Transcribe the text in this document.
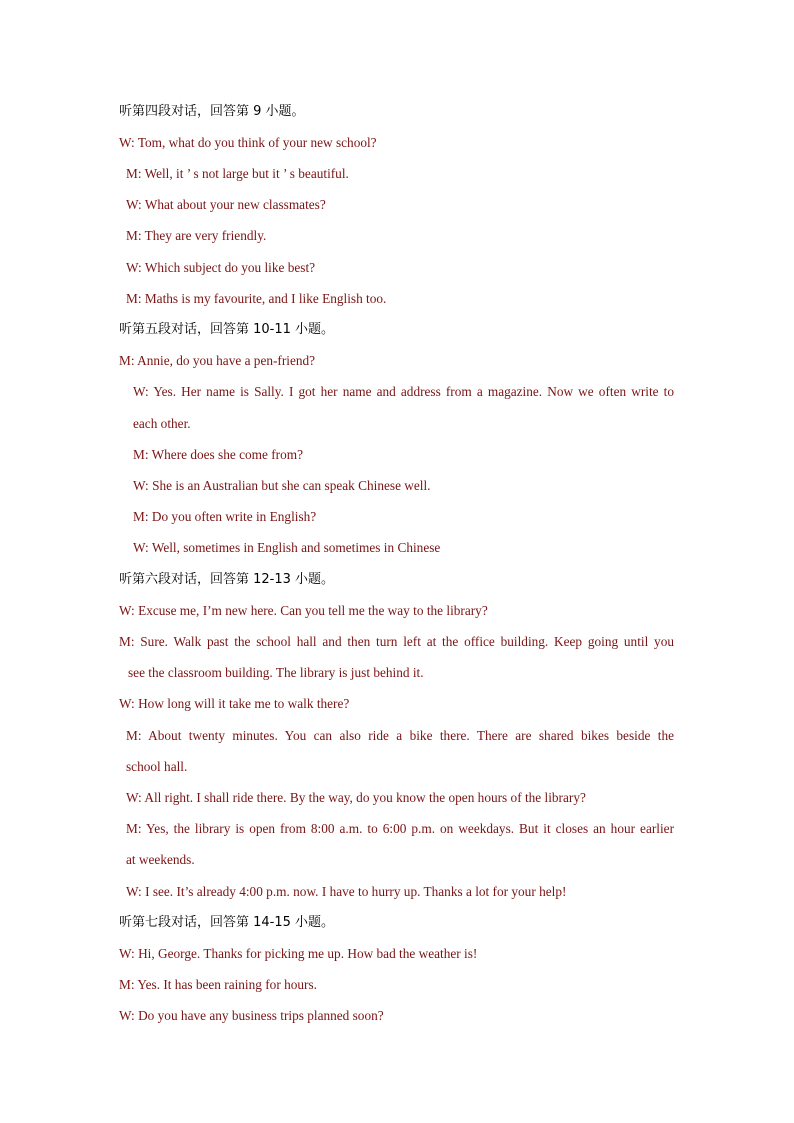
听第四段对话，回答第 9 小题。
W: Tom, what do you think of your new school?
M: Well, it ’ s not large but it ’ s beautiful.
W: What about your new classmates?
M: They are very friendly.
W: Which subject do you like best?
M: Maths is my favourite, and I like English too.
听第五段对话，回答第 10-11 小题。
M: Annie, do you have a pen-friend?
W: Yes. Her name is Sally. I got her name and address from a magazine. Now we often write to
each other.
M: Where does she come from?
W: She is an Australian but she can speak Chinese well.
M: Do you often write in English?
W: Well, sometimes in English and sometimes in Chinese
听第六段对话，回答第 12-13 小题。
W: Excuse me, I’m new here. Can you tell me the way to the library?
M: Sure. Walk past the school hall and then turn left at the office building. Keep going until you
see the classroom building. The library is just behind it.
W: How long will it take me to walk there?
M: About twenty minutes. You can also ride a bike there. There are shared bikes beside the
school hall.
W: All right. I shall ride there. By the way, do you know the open hours of the library?
M: Yes, the library is open from 8:00 a.m. to 6:00 p.m. on weekdays. But it closes an hour earlier
at weekends.
W: I see. It’s already 4:00 p.m. now. I have to hurry up. Thanks a lot for your help!
听第七段对话，回答第 14-15 小题。
W: Hi, George. Thanks for picking me up. How bad the weather is!
M: Yes. It has been raining for hours.
W: Do you have any business trips planned soon?
